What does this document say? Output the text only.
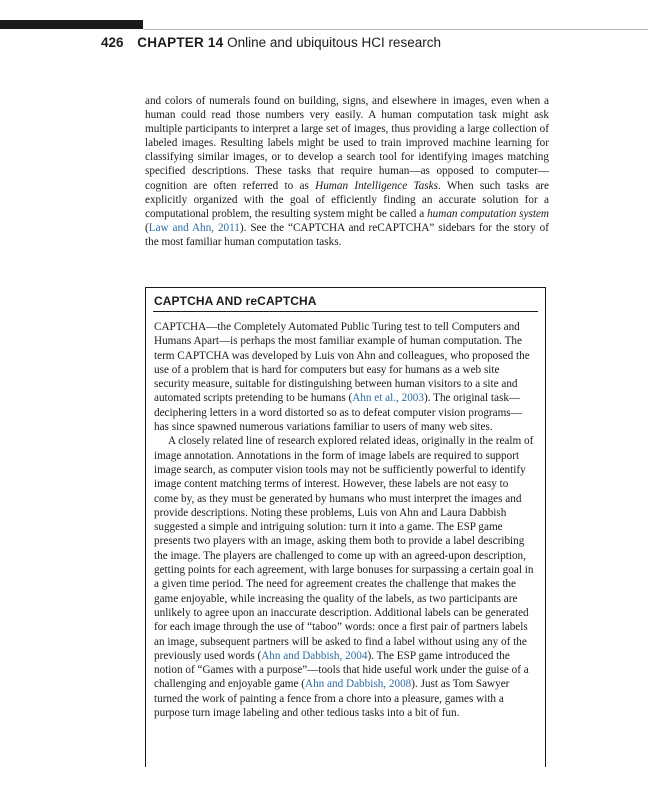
426 CHAPTER 14 Online and ubiquitous HCI research

and colors of numerals found on building, signs, and elsewhere in images, even when a human could read those numbers very easily. A human computation task might ask multiple participants to interpret a large set of images, thus providing a large collection of labeled images. Resulting labels might be used to train improved machine learning for classifying similar images, or to develop a search tool for identifying images matching specified descriptions. These tasks that require human—as opposed to computer—cognition are often referred to as Human Intelligence Tasks. When such tasks are explicitly organized with the goal of efficiently finding an accurate solution for a computational problem, the resulting system might be called a human computation system (Law and Ahn, 2011). See the “CAPTCHA and reCAPTCHA” sidebars for the story of the most familiar human computation tasks.

CAPTCHA AND reCAPTCHA

CAPTCHA—the Completely Automated Public Turing test to tell Computers and Humans Apart—is perhaps the most familiar example of human computation. The term CAPTCHA was developed by Luis von Ahn and colleagues, who proposed the use of a problem that is hard for computers but easy for humans as a web site security measure, suitable for distinguishing between human visitors to a site and automated scripts pretending to be humans (Ahn et al., 2003). The original task—deciphering letters in a word distorted so as to defeat computer vision programs—has since spawned numerous variations familiar to users of many web sites.

A closely related line of research explored related ideas, originally in the realm of image annotation. Annotations in the form of image labels are required to support image search, as computer vision tools may not be sufficiently powerful to identify image content matching terms of interest. However, these labels are not easy to come by, as they must be generated by humans who must interpret the images and provide descriptions. Noting these problems, Luis von Ahn and Laura Dabbish suggested a simple and intriguing solution: turn it into a game. The ESP game presents two players with an image, asking them both to provide a label describing the image. The players are challenged to come up with an agreed-upon description, getting points for each agreement, with large bonuses for surpassing a certain goal in a given time period. The need for agreement creates the challenge that makes the game enjoyable, while increasing the quality of the labels, as two participants are unlikely to agree upon an inaccurate description. Additional labels can be generated for each image through the use of “taboo” words: once a first pair of partners labels an image, subsequent partners will be asked to find a label without using any of the previously used words (Ahn and Dabbish, 2004). The ESP game introduced the notion of “Games with a purpose”—tools that hide useful work under the guise of a challenging and enjoyable game (Ahn and Dabbish, 2008). Just as Tom Sawyer turned the work of painting a fence from a chore into a pleasure, games with a purpose turn image labeling and other tedious tasks into a bit of fun.
